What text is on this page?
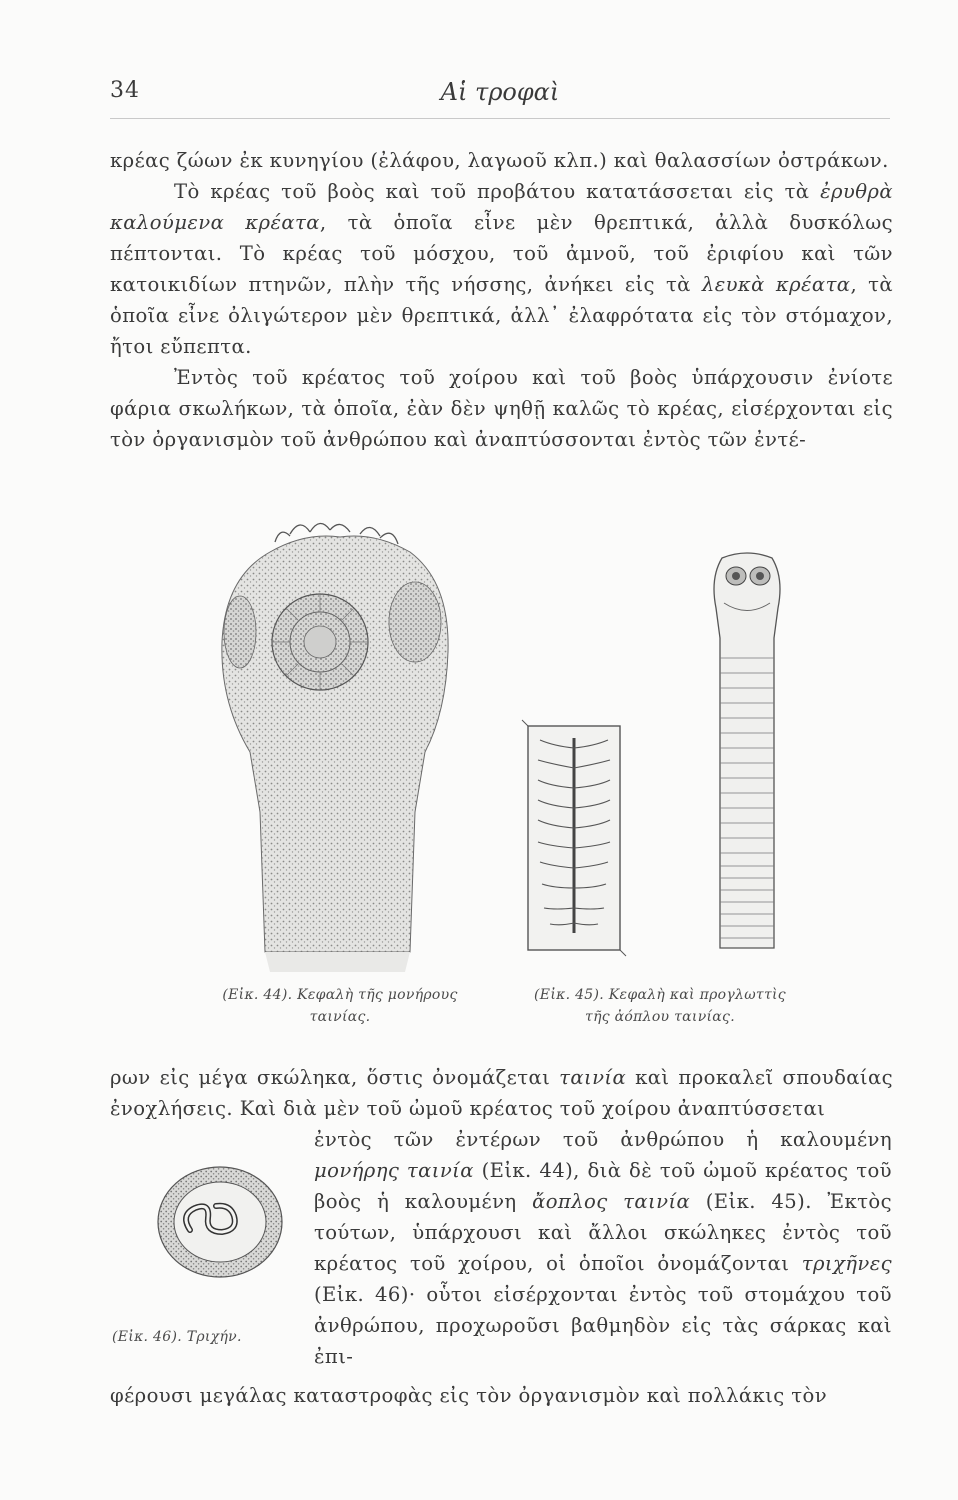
34	Αἱ τροφαὶ

κρέας ζώων ἐκ κυνηγίου (ἐλάφου, λαγωοῦ κλπ.) καὶ θαλασσίων ὀστράκων.

Τὸ κρέας τοῦ βοὸς καὶ τοῦ προβάτου κατατάσσεται εἰς τὰ ἐρυθρὰ καλούμενα κρέατα, τὰ ὁποῖα εἶνε μὲν θρεπτικά, ἀλλὰ δυσκόλως πέπτονται. Τὸ κρέας τοῦ μόσχου, τοῦ ἀμνοῦ, τοῦ ἐριφίου καὶ τῶν κατοικιδίων πτηνῶν, πλὴν τῆς νήσσης, ἀνήκει εἰς τὰ λευκὰ κρέατα, τὰ ὁποῖα εἶνε ὀλιγώτερον μὲν θρεπτικά, ἀλλ᾽ ἐλαφρότατα εἰς τὸν στόμαχον, ἤτοι εὔπεπτα.

Ἐντὸς τοῦ κρέατος τοῦ χοίρου καὶ τοῦ βοὸς ὑπάρχουσιν ἐνίοτε φάρια σκωλήκων, τὰ ὁποῖα, ἐὰν δὲν ψηθῇ καλῶς τὸ κρέας, εἰσέρχονται εἰς τὸν ὀργανισμὸν τοῦ ἀνθρώπου καὶ ἀναπτύσσονται ἐντὸς τῶν ἐντέ-

(Εἰκ. 44). Κεφαλὴ τῆς μονήρους ταινίας.
(Εἰκ. 45). Κεφαλὴ καὶ προγλωττὶς τῆς ἀόπλου ταινίας.

ρων εἰς μέγα σκώληκα, ὅστις ὀνομάζεται ταινία καὶ προκαλεῖ σπουδαίας ἐνοχλήσεις. Καὶ διὰ μὲν τοῦ ὠμοῦ κρέατος τοῦ χοίρου ἀναπτύσσεται

ἐντὸς τῶν ἐντέρων τοῦ ἀνθρώπου ἡ καλουμένη μονήρης ταινία (Εἰκ. 44), διὰ δὲ τοῦ ὠμοῦ κρέατος τοῦ βοὸς ἡ καλουμένη ἄοπλος ταινία (Εἰκ. 45). Ἐκτὸς τούτων, ὑπάρχουσι καὶ ἄλλοι σκώληκες ἐντὸς τοῦ κρέατος τοῦ χοίρου, οἱ ὁποῖοι ὀνομάζονται τριχῆνες (Εἰκ. 46)· οὗτοι εἰσέρχονται ἐντὸς τοῦ στομάχου τοῦ ἀνθρώπου, προχωροῦσι βαθμηδὸν εἰς τὰς σάρκας καὶ ἐπι-

(Εἰκ. 46). Τριχήν.
φέρουσι μεγάλας καταστροφὰς εἰς τὸν ὀργανισμὸν καὶ πολλάκις τὸν
